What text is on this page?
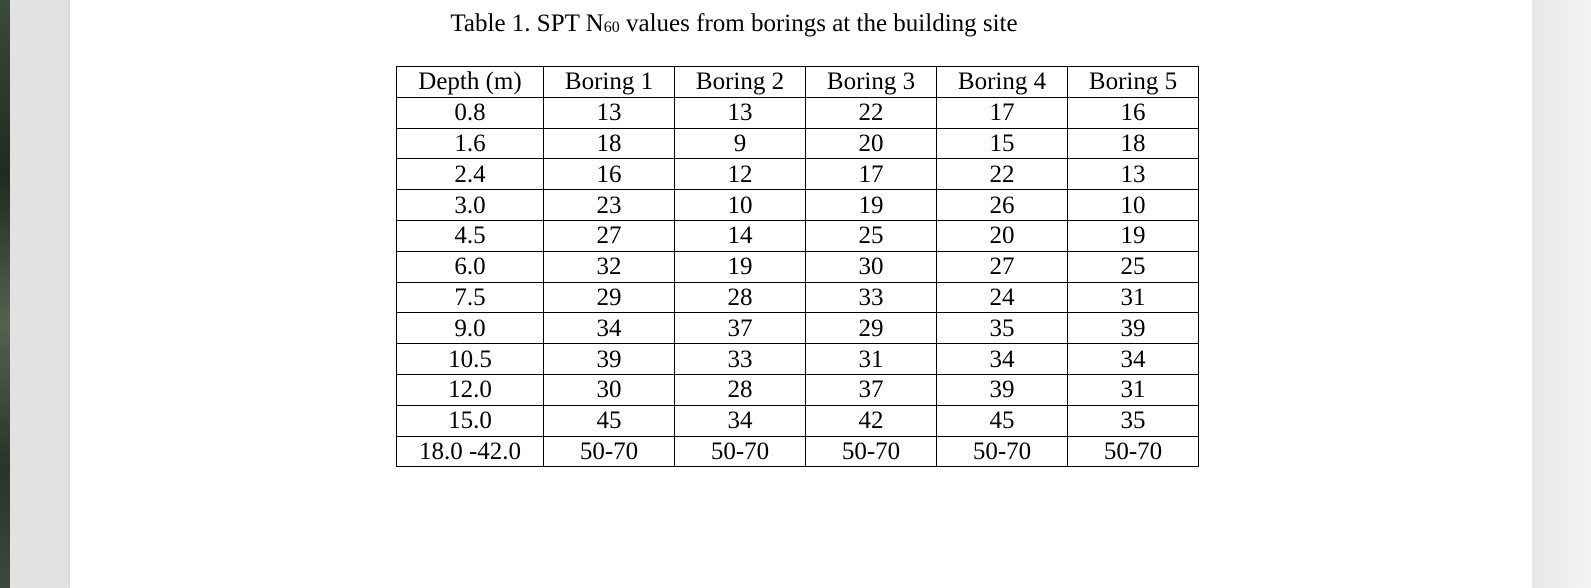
Table 1. SPT $N_{60}$ values from borings at the building site
Depth (m)	Boring 1	Boring 2	Boring 3	Boring 4	Boring 5
0.8	13	13	22	17	16
1.6	18	9	20	15	18
2.4	16	12	17	22	13
3.0	23	10	19	26	10
4.5	27	14	25	20	19
6.0	32	19	30	27	25
7.5	29	28	33	24	31
9.0	34	37	29	35	39
10.5	39	33	31	34	34
12.0	30	28	37	39	31
15.0	45	34	42	45	35
18.0 -42.0	50-70	50-70	50-70	50-70	50-70
